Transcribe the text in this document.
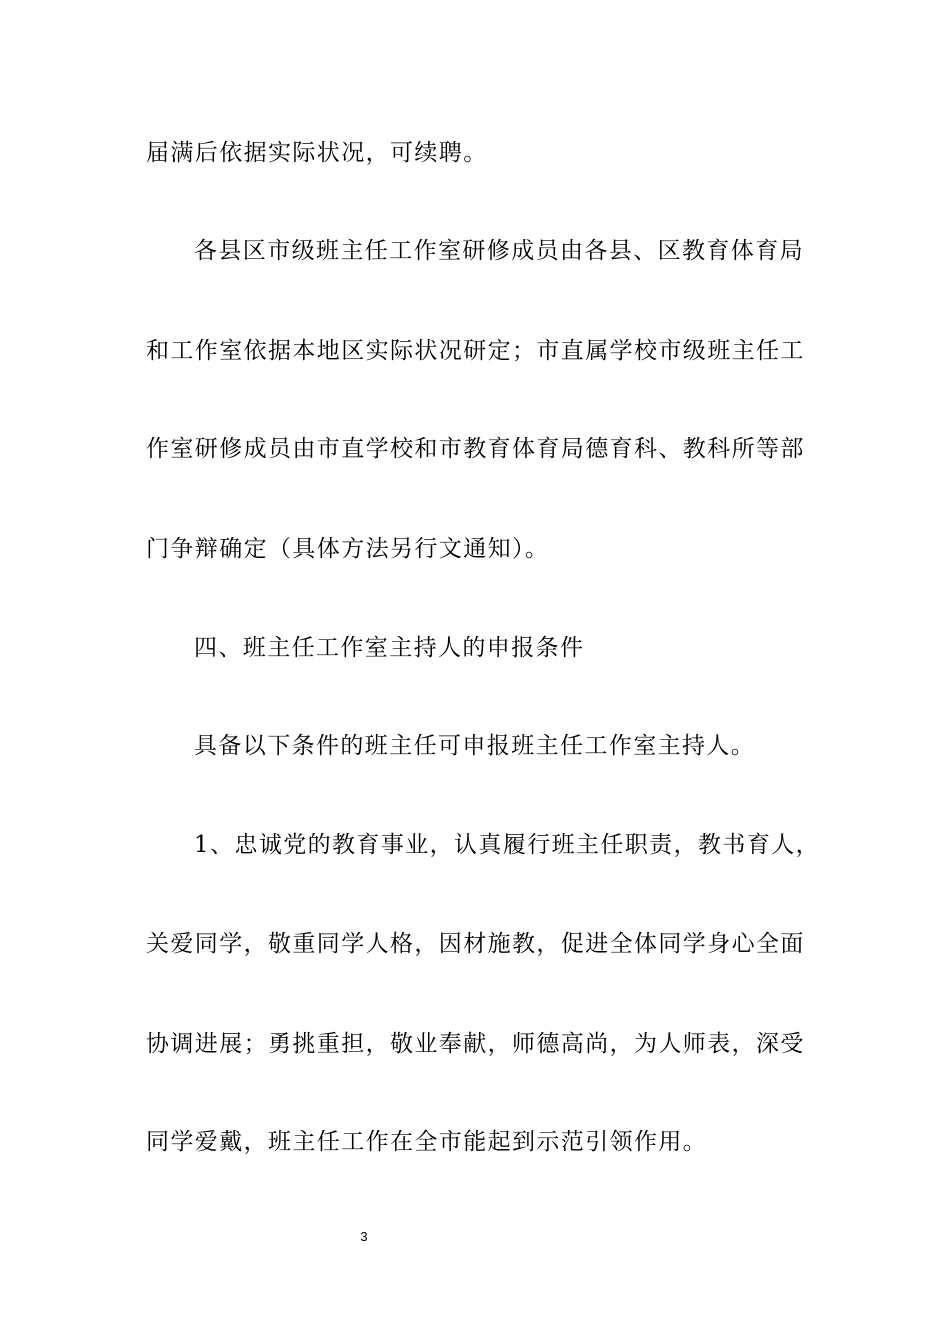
届满后依据实际状况，可续聘。
各县区市级班主任工作室研修成员由各县、区教育体育局
和工作室依据本地区实际状况研定；市直属学校市级班主任工
作室研修成员由市直学校和市教育体育局德育科、教科所等部
门争辩确定（具体方法另行文通知）。
四、班主任工作室主持人的申报条件
具备以下条件的班主任可申报班主任工作室主持人。
1、忠诚党的教育事业，认真履行班主任职责，教书育人，
关爱同学，敬重同学人格，因材施教，促进全体同学身心全面
协调进展；勇挑重担，敬业奉献，师德高尚，为人师表，深受
同学爱戴，班主任工作在全市能起到示范引领作用。
3
